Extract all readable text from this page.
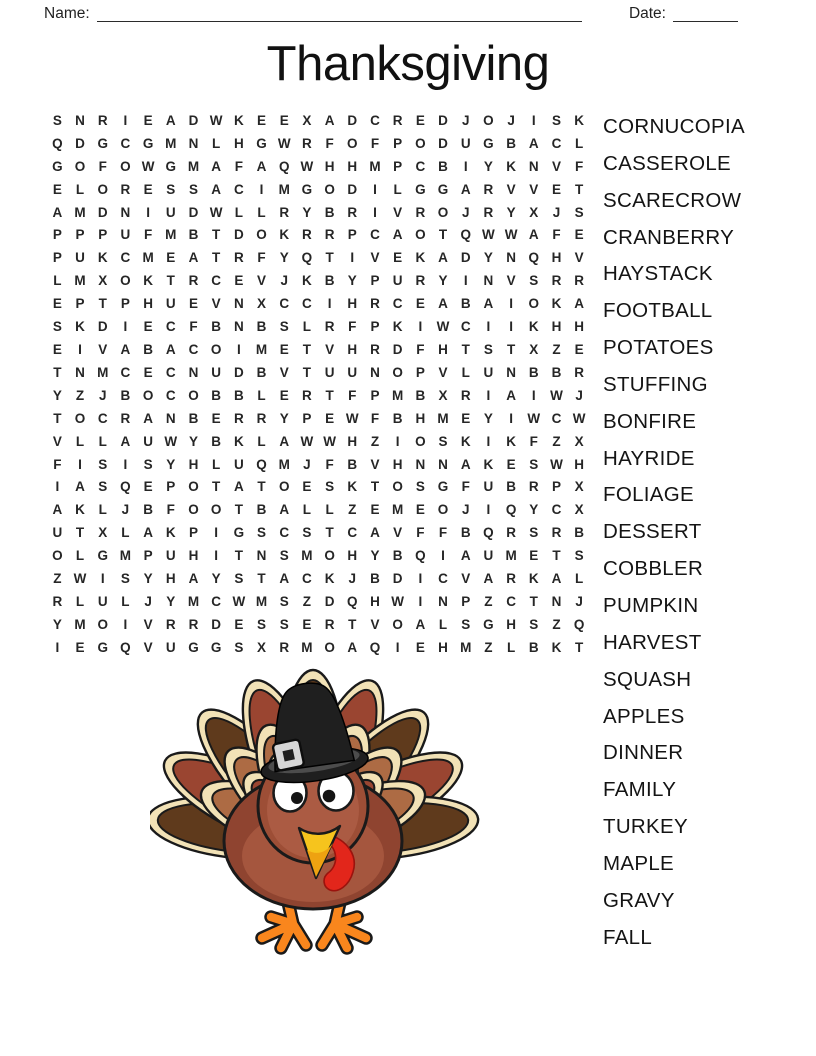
Name:	Date:
Thanksgiving
S N R	I	E A D W K E	E	X A D C R E D	J	O	J	I	S K
Q D G C G M N	L	H G W R	F O F	P O D U G B A C	L
G O F O W G M A	F	A Q W H H M P C B	I	Y K N V	F
E	L O R E	S	S A C	I	M G O D	I	L G G A R V	V	E	T
A M D N	I	U D W L	L	R Y B R	I	V R O	J	R Y	X	J	S
P	P	P U	F M B	T	D O K R R P C A O T Q W W A	F	E
P U K C M E A	T	R	F	Y Q T	I	V	E K A D Y N Q H V
L M X O K	T	R C E	V	J	K B Y	P U R Y	I	N V	S R R
E	P	T	P H U E	V N X C C	I	H R C E A B A	I	O K A
S K D	I	E C	F	B N B S	L	R	F	P K	I	W C	I	I	K H H
E	I	V A B A C O	I	M E	T	V H R D	F	H	T	S	T	X	Z	E
T	N M C E C N U D B V	T	U U N O P	V	L	U N B B R
Y	Z	J	B O C O B B	L	E R	T	F	P M B X R	I	A	I	W J
T O C R A N B E R R Y	P	E W F	B H M E	Y	I	W C W
V	L	L	A U W Y B K	L	A W W H	Z	I	O S K	I	K	F	Z	X
F	I	S	I	S	Y H	L	U Q M J	F	B V H N N A K E	S W H
I	A S Q E	P O T	A	T O E	S K	T O S G F	U B R P	X
A K	L	J	B	F O O T	B A	L	L	Z	E M E O	J	I	Q Y C X
U	T	X	L	A K P	I	G S C S	T	C A V	F	F	B Q R S R B
O L G M P U H	I	T	N S M O H Y B Q	I	A U M E	T	S
Z W	I	S	Y H A Y	S	T	A C K	J	B D	I	C V A R K A	L
R	L	U	L	J	Y M C W M S	Z	D Q H W	I	N P	Z	C	T	N	J
Y M O	I	V R R D E	S	S	E R	T	V O A	L	S G H S	Z Q
I	E G Q V U G G S	X R M O A Q	I	E H M Z	L	B K	T
CORNUCOPIA
CASSEROLE
SCARECROW
CRANBERRY
HAYSTACK
FOOTBALL
POTATOES
STUFFING
BONFIRE
HAYRIDE
FOLIAGE
DESSERT
COBBLER
PUMPKIN
HARVEST
SQUASH
APPLES
DINNER
FAMILY
TURKEY
MAPLE
GRAVY
FALL
